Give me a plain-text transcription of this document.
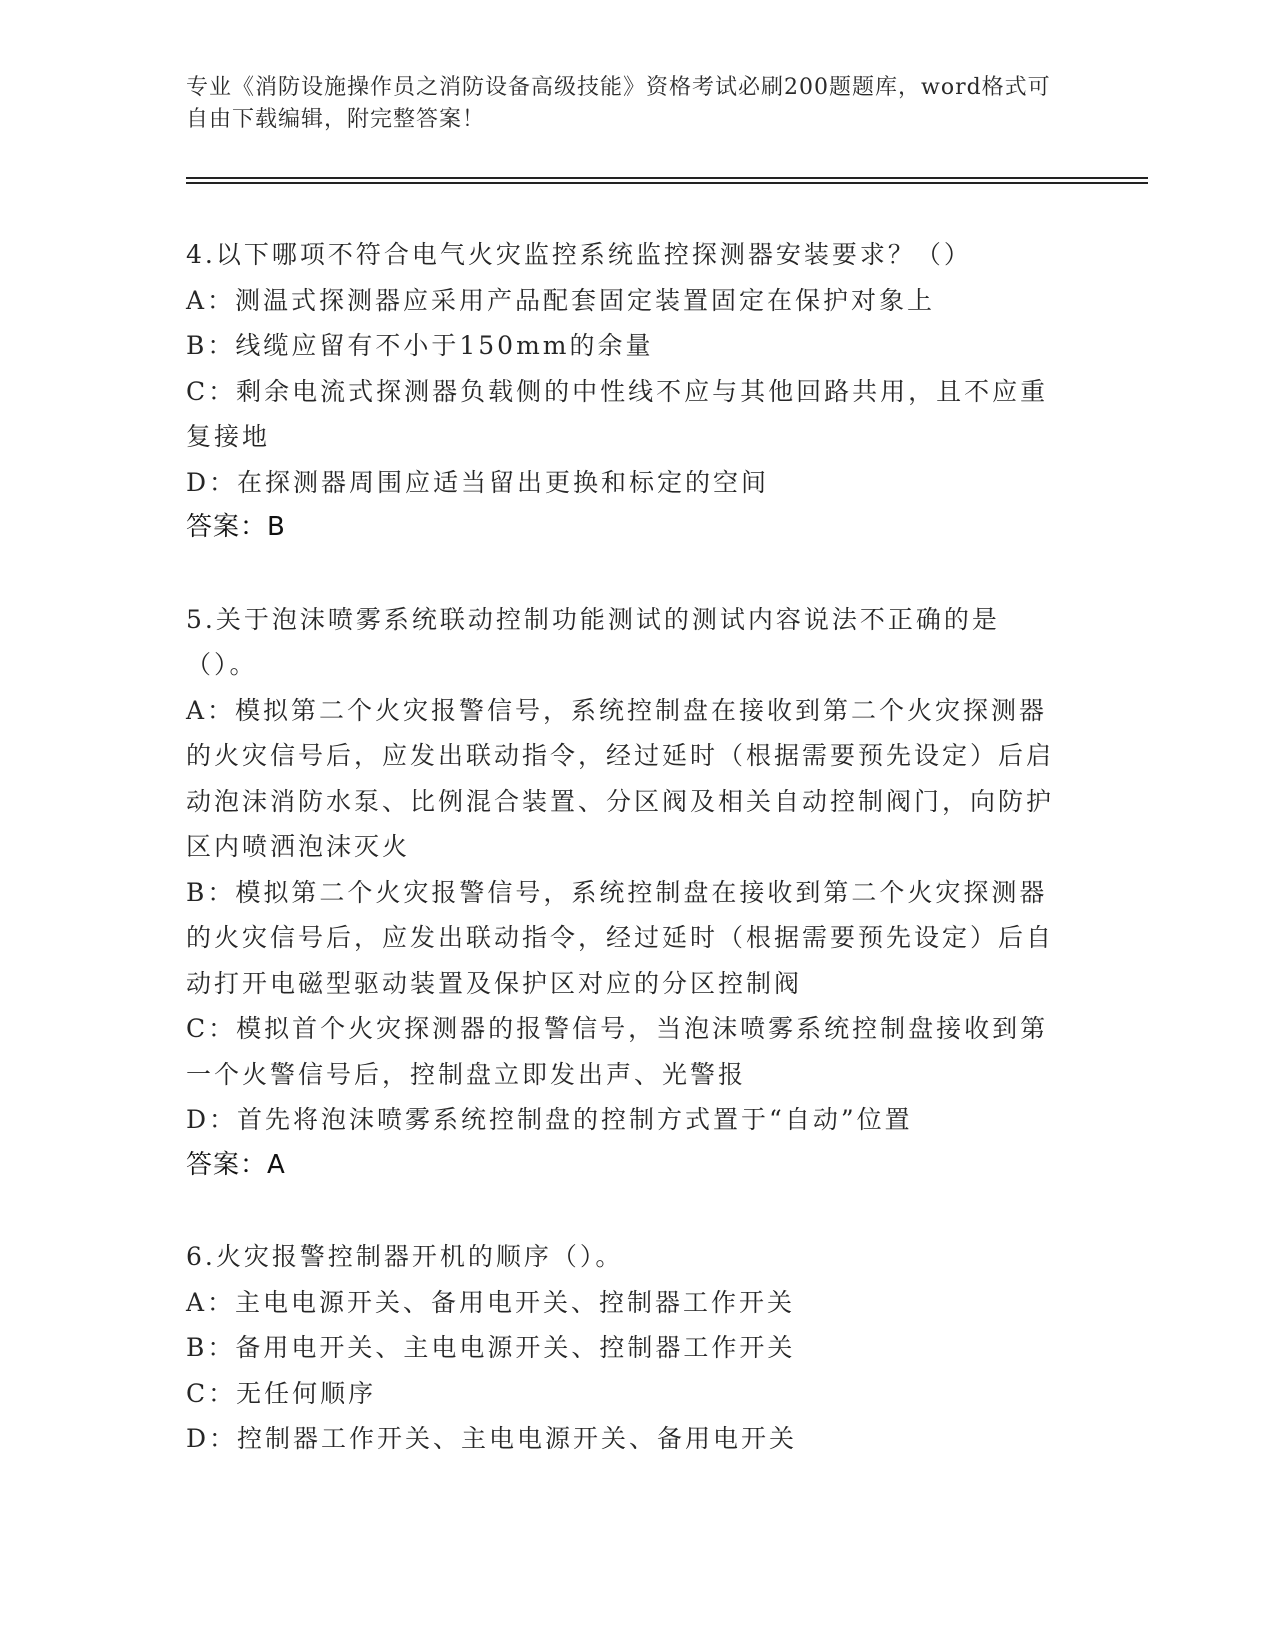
专业《消防设施操作员之消防设备高级技能》资格考试必刷200题题库，word格式可自由下载编辑，附完整答案！

4.以下哪项不符合电气火灾监控系统监控探测器安装要求？（）

A：测温式探测器应采用产品配套固定装置固定在保护对象上

B：线缆应留有不小于150mm的余量

C：剩余电流式探测器负载侧的中性线不应与其他回路共用，且不应重复接地

D：在探测器周围应适当留出更换和标定的空间

答案：B

5.关于泡沫喷雾系统联动控制功能测试的测试内容说法不正确的是（）。

A：模拟第二个火灾报警信号，系统控制盘在接收到第二个火灾探测器的火灾信号后，应发出联动指令，经过延时（根据需要预先设定）后启动泡沫消防水泵、比例混合装置、分区阀及相关自动控制阀门，向防护区内喷洒泡沫灭火

B：模拟第二个火灾报警信号，系统控制盘在接收到第二个火灾探测器的火灾信号后，应发出联动指令，经过延时（根据需要预先设定）后自动打开电磁型驱动装置及保护区对应的分区控制阀

C：模拟首个火灾探测器的报警信号，当泡沫喷雾系统控制盘接收到第一个火警信号后，控制盘立即发出声、光警报

D：首先将泡沫喷雾系统控制盘的控制方式置于“自动”位置

答案：A

6.火灾报警控制器开机的顺序（）。

A：主电电源开关、备用电开关、控制器工作开关

B：备用电开关、主电电源开关、控制器工作开关

C：无任何顺序

D：控制器工作开关、主电电源开关、备用电开关
